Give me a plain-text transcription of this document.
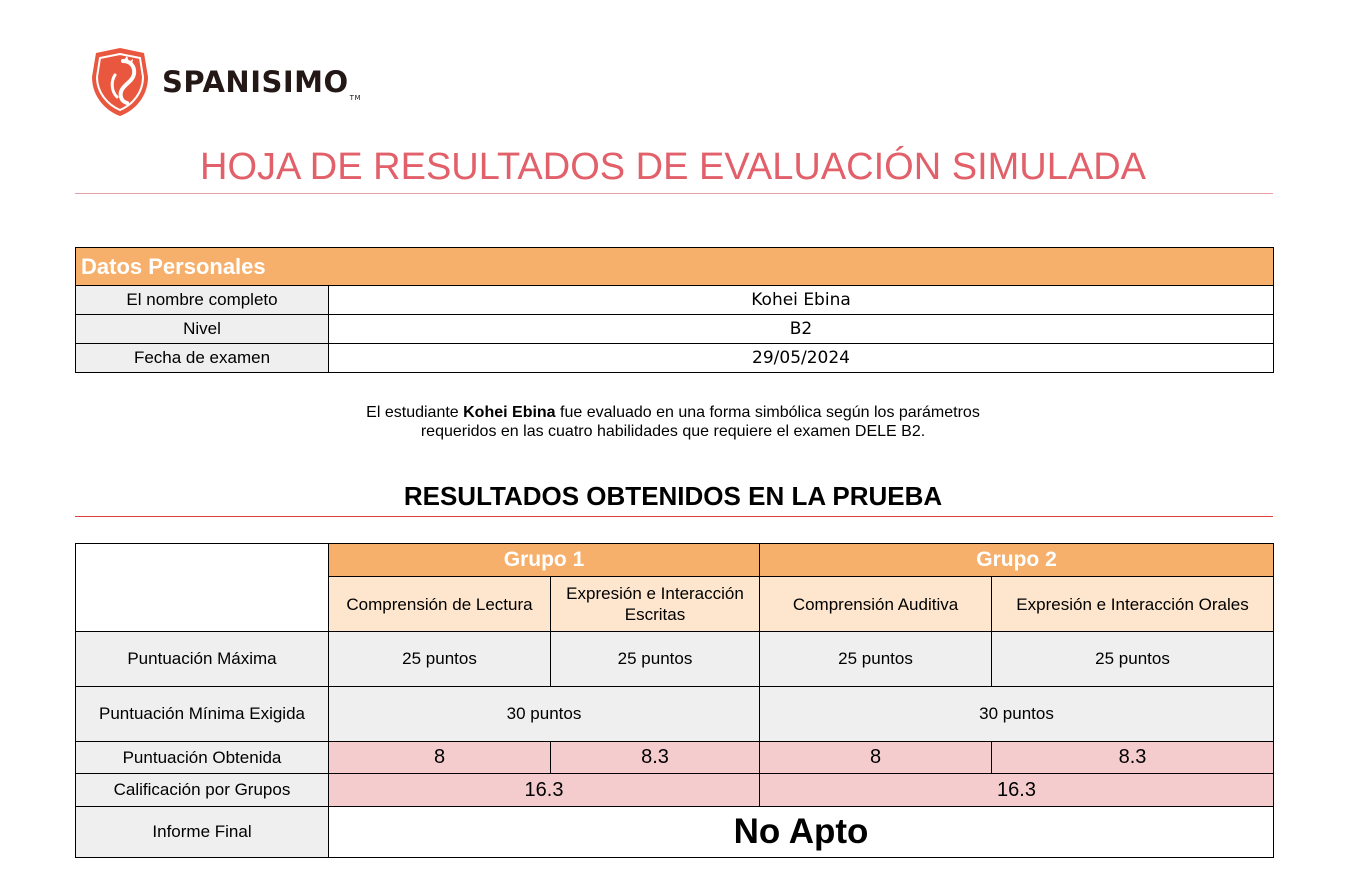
$SPANISIMO_{TM}$
HOJA DE RESULTADOS DE EVALUACIÓN SIMULADA
Datos Personales	
El nombre completo	Kohei Ebina
Nivel	B2
Fecha de examen	29/05/2024

El estudiante Kohei Ebina fue evaluado en una forma simbólica según los parámetros

requeridos en las cuatro habilidades que requiere el examen DELE B2.

RESULTADOS OBTENIDOS EN LA PRUEBA
	Grupo 1		Grupo 2	
	Comprensión de Lectura	Expresión e Interacción Escritas	Comprensión Auditiva	Expresión e Interacción Orales
Puntuación Máxima	25 puntos	25 puntos	25 puntos	25 puntos
Puntuación Mínima Exigida	30 puntos		30 puntos	
Puntuación Obtenida	8	8.3	8	8.3
Calificación por Grupos	16.3		16.3	
Informe Final	No Apto			
